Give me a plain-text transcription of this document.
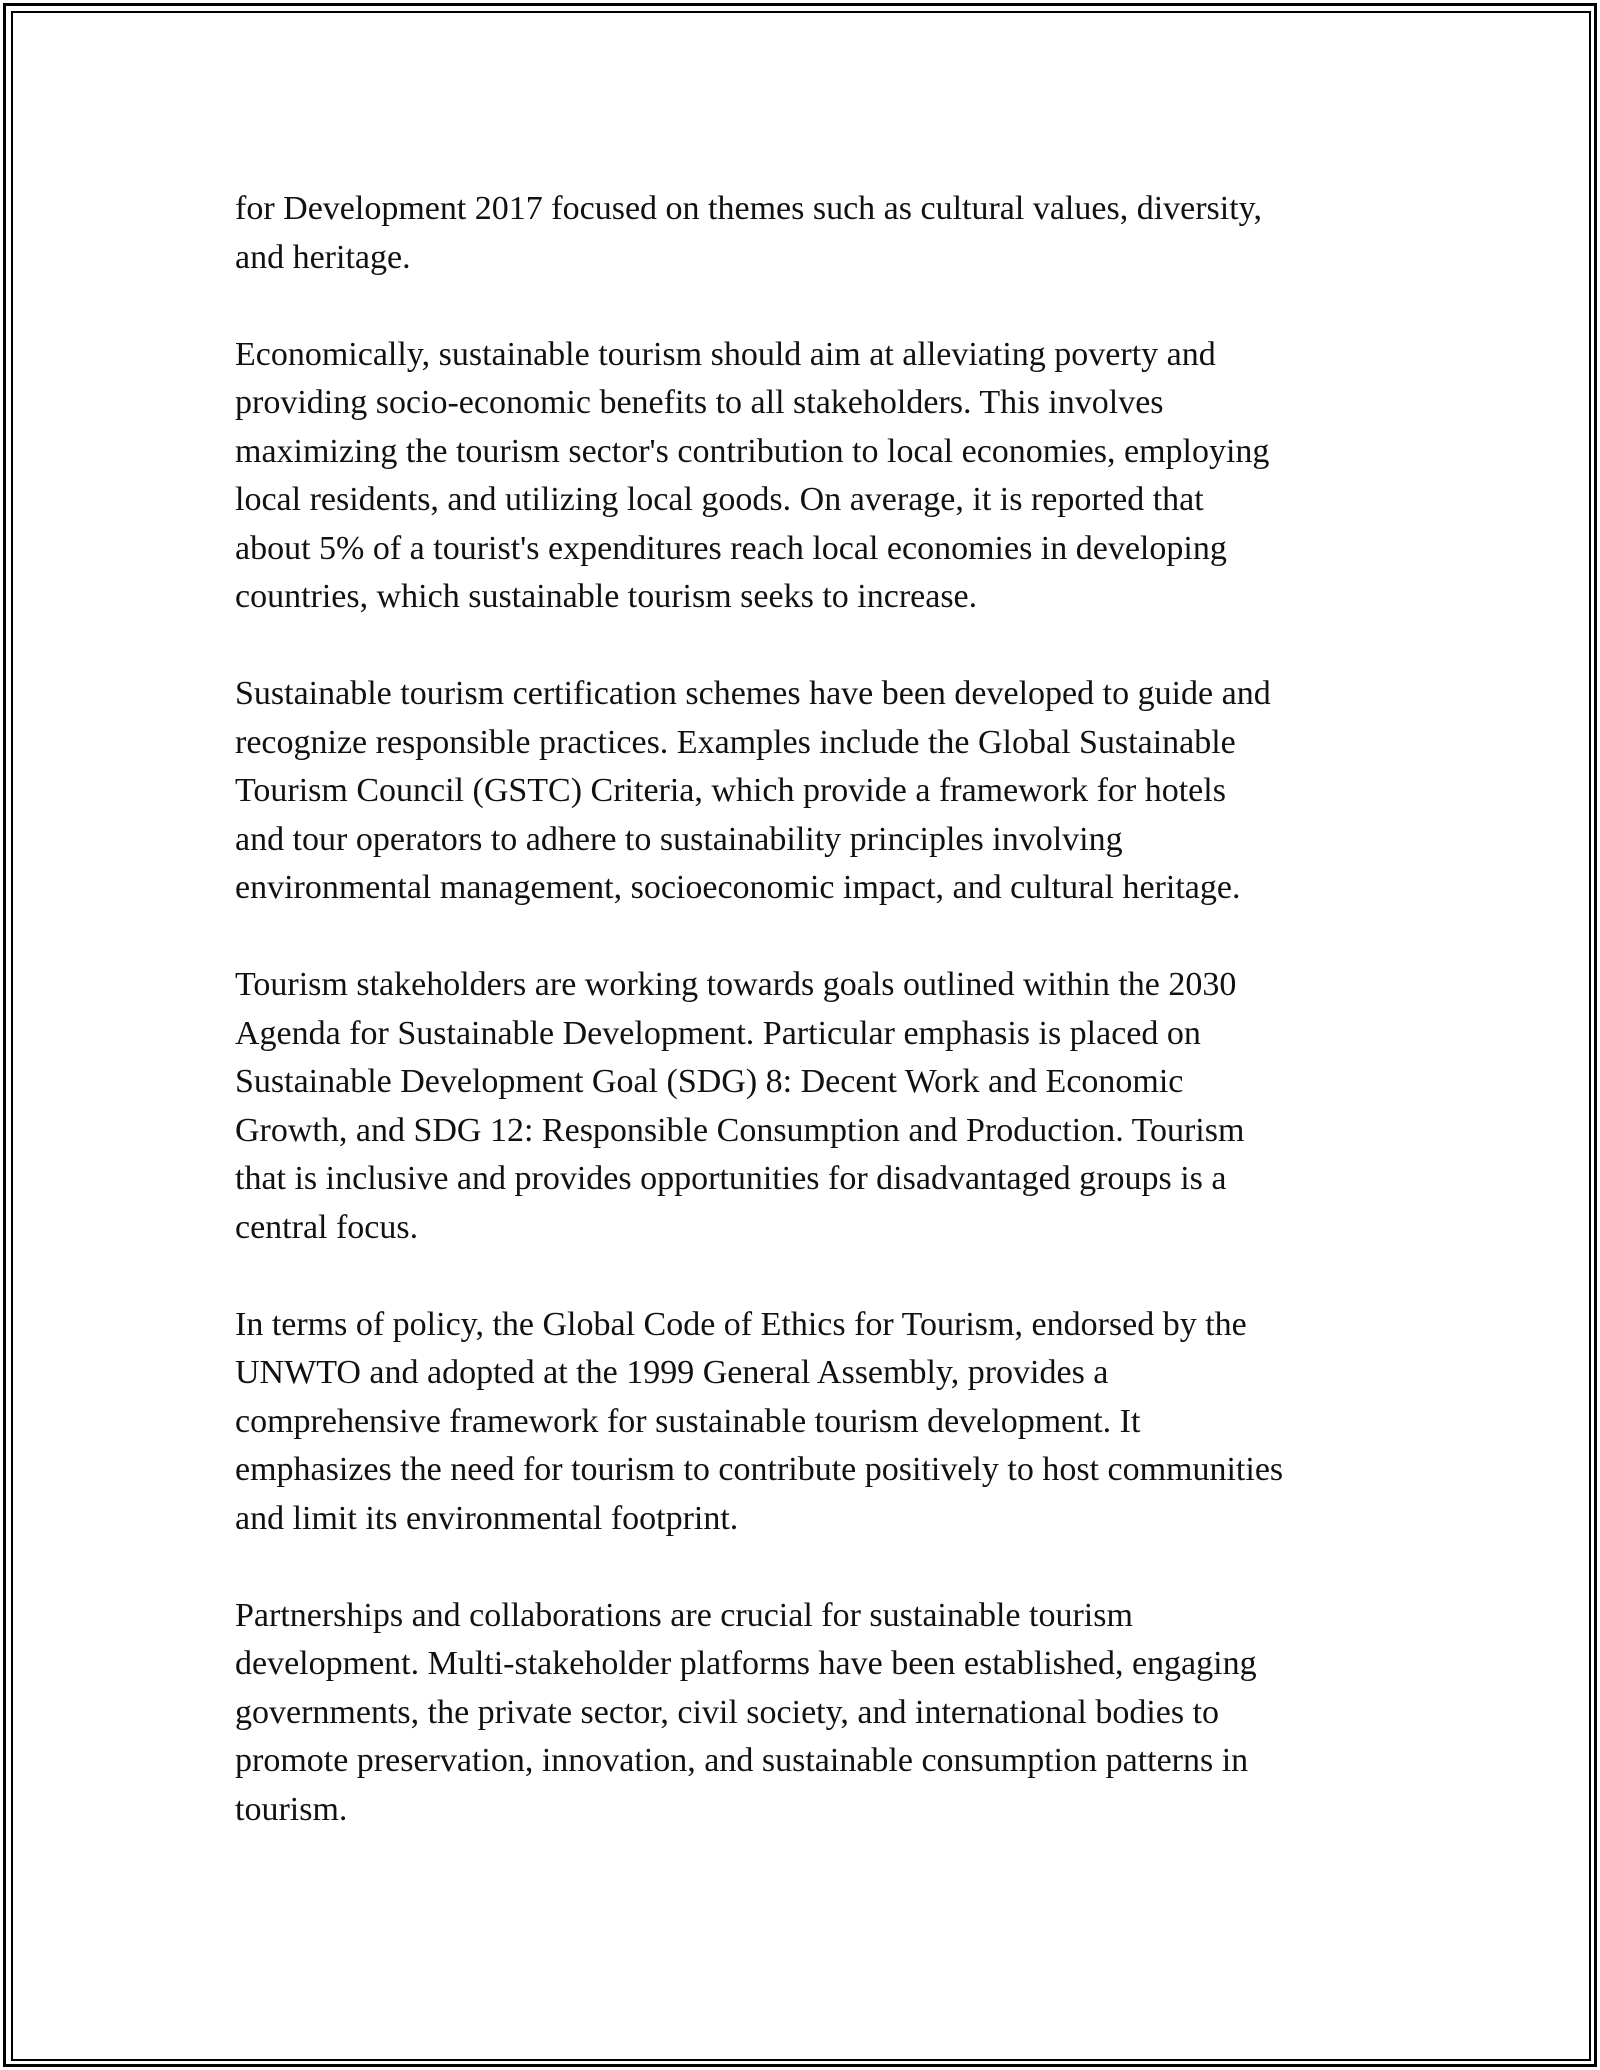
for Development 2017 focused on themes such as cultural values, diversity,
and heritage.

Economically, sustainable tourism should aim at alleviating poverty and
providing socio-economic benefits to all stakeholders. This involves
maximizing the tourism sector's contribution to local economies, employing
local residents, and utilizing local goods. On average, it is reported that
about 5% of a tourist's expenditures reach local economies in developing
countries, which sustainable tourism seeks to increase.

Sustainable tourism certification schemes have been developed to guide and
recognize responsible practices. Examples include the Global Sustainable
Tourism Council (GSTC) Criteria, which provide a framework for hotels
and tour operators to adhere to sustainability principles involving
environmental management, socioeconomic impact, and cultural heritage.

Tourism stakeholders are working towards goals outlined within the 2030
Agenda for Sustainable Development. Particular emphasis is placed on
Sustainable Development Goal (SDG) 8: Decent Work and Economic
Growth, and SDG 12: Responsible Consumption and Production. Tourism
that is inclusive and provides opportunities for disadvantaged groups is a
central focus.

In terms of policy, the Global Code of Ethics for Tourism, endorsed by the
UNWTO and adopted at the 1999 General Assembly, provides a
comprehensive framework for sustainable tourism development. It
emphasizes the need for tourism to contribute positively to host communities
and limit its environmental footprint.

Partnerships and collaborations are crucial for sustainable tourism
development. Multi-stakeholder platforms have been established, engaging
governments, the private sector, civil society, and international bodies to
promote preservation, innovation, and sustainable consumption patterns in
tourism.
